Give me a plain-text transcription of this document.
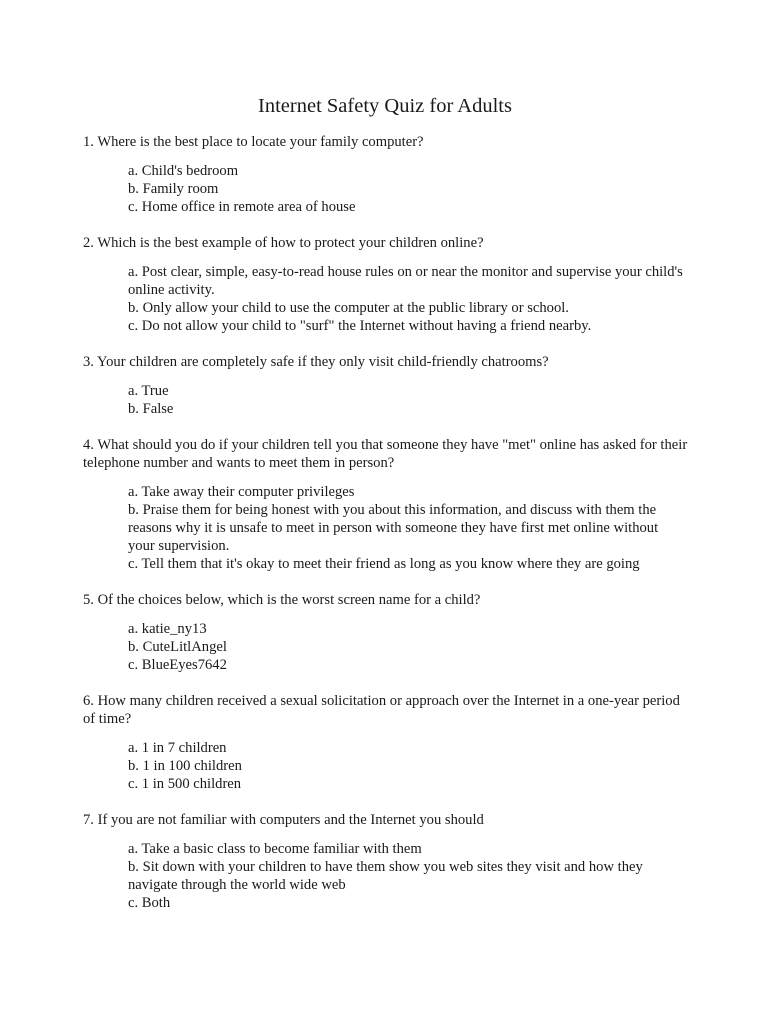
Internet Safety Quiz for Adults
1. Where is the best place to locate your family computer?
a. Child's bedroom
b. Family room
c. Home office in remote area of house
2. Which is the best example of how to protect your children online?
a. Post clear, simple, easy-to-read house rules on or near the monitor and supervise your child's online activity.
b. Only allow your child to use the computer at the public library or school.
c. Do not allow your child to "surf" the Internet without having a friend nearby.
3. Your children are completely safe if they only visit child-friendly chatrooms?
a. True
b. False
4. What should you do if your children tell you that someone they have "met" online has asked for their telephone number and wants to meet them in person?
a. Take away their computer privileges
b. Praise them for being honest with you about this information, and discuss with them the reasons why it is unsafe to meet in person with someone they have first met online without your supervision.
c. Tell them that it's okay to meet their friend as long as you know where they are going
5. Of the choices below, which is the worst screen name for a child?
a. katie_ny13
b. CuteLitlAngel
c. BlueEyes7642
6. How many children received a sexual solicitation or approach over the Internet in a one-year period of time?
a. 1 in 7 children
b. 1 in 100 children
c. 1 in 500 children
7. If you are not familiar with computers and the Internet you should
a. Take a basic class to become familiar with them
b. Sit down with your children to have them show you web sites they visit and how they navigate through the world wide web
c. Both
